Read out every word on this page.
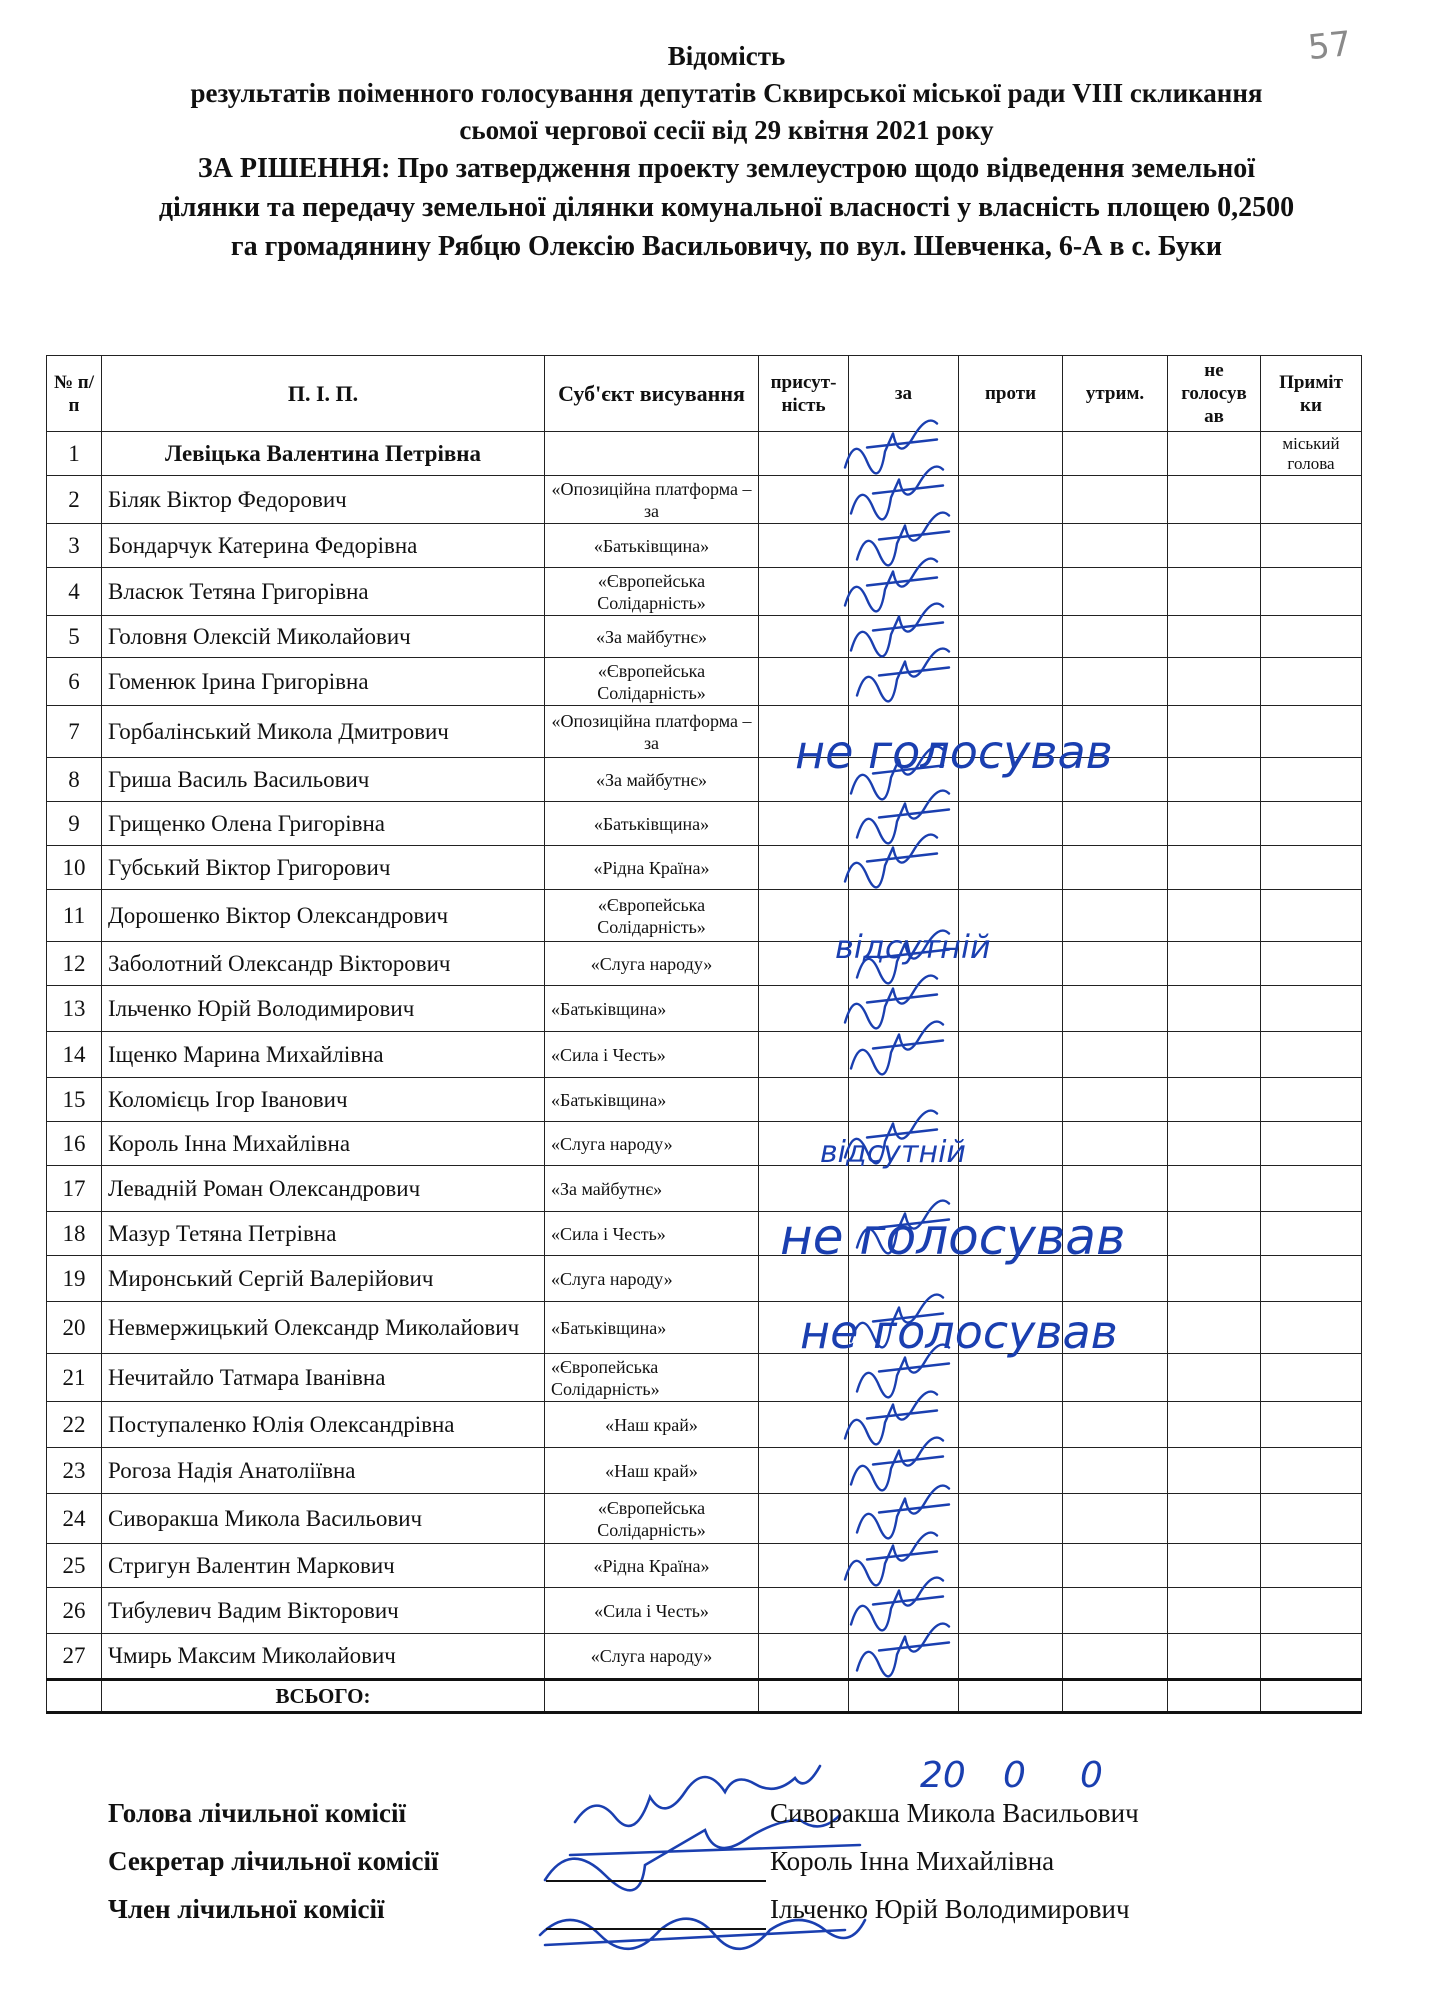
57
Відомість
результатів поіменного голосування депутатів Сквирської міської ради VIII скликання
сьомої чергової сесії від 29 квітня 2021 року
ЗА РІШЕННЯ: Про затвердження проекту землеустрою щодо відведення земельної
ділянки та передачу земельної ділянки комунальної власності у власність площею 0,2500
га громадянину Рябцю Олексію Васильовичу, по вул. Шевченка, 6-А в с. Буки
№ п/п	П. І. П.	Суб'єкт висування	присут-ність	за	проти	утрим.	не голосув ав	Приміт ки
1	Левіцька Валентина Петрівна							міський голова
2	Біляк Віктор Федорович	«Опозиційна платформа – за						
3	Бондарчук Катерина Федорівна	«Батьківщина»						
4	Власюк Тетяна Григорівна	«Європейська Солідарність»						
5	Головня Олексій Миколайович	«За майбутнє»						
6	Гоменюк Ірина Григорівна	«Європейська Солідарність»						
7	Горбалінський Микола Дмитрович	«Опозиційна платформа – за						
8	Гриша Василь Васильович	«За майбутнє»						
9	Грищенко Олена Григорівна	«Батьківщина»						
10	Губський Віктор Григорович	«Рідна Країна»						
11	Дорошенко Віктор Олександрович	«Європейська Солідарність»						
12	Заболотний Олександр Вікторович	«Слуга народу»						
13	Ільченко Юрій Володимирович	«Батьківщина»						
14	Іщенко Марина Михайлівна	«Сила і Честь»						
15	Коломієць Ігор Іванович	«Батьківщина»						
16	Король Інна Михайлівна	«Слуга народу»						
17	Левадній Роман Олександрович	«За майбутнє»						
18	Мазур Тетяна Петрівна	«Сила і Честь»						
19	Миронський Сергій Валерійович	«Слуга народу»						
20	Невмержицький Олександр Миколайович	«Батьківщина»						
21	Нечитайло Татмара Іванівна	«Європейська Солідарність»						
22	Поступаленко Юлія Олександрівна	«Наш край»						
23	Рогоза Надія Анатоліївна	«Наш край»						
24	Сиворакша Микола Васильович	«Європейська Солідарність»						
25	Стригун Валентин Маркович	«Рідна Країна»						
26	Тибулевич Вадим Вікторович	«Сила і Честь»						
27	Чмирь Максим Миколайович	«Слуга народу»						
	ВСЬОГО:							
не голосував
не голосував
не голосував
відсутній
відсутній
20 0 0
Голова лічильної комісії	Сиворакша Микола Васильович
Секретар лічильної комісії	Король Інна Михайлівна
Член лічильної комісії	Ільченко Юрій Володимирович
